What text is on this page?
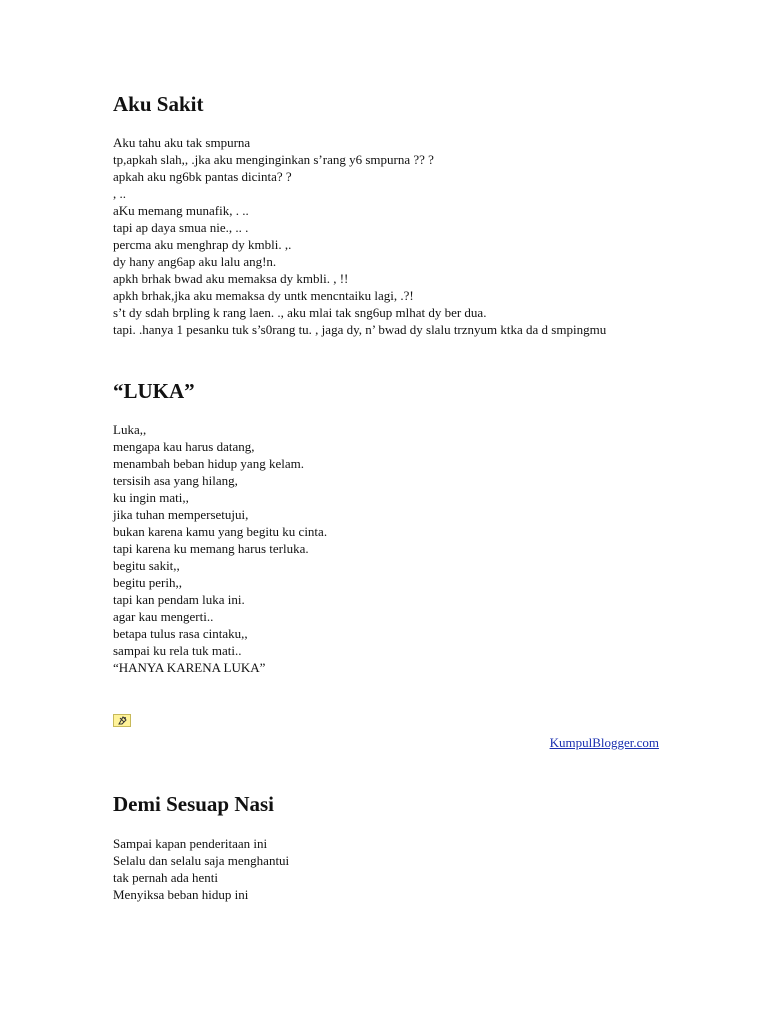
Aku Sakit
Aku tahu aku tak smpurna
tp,apkah slah,, .jka aku menginginkan s’rang y6 smpurna ?? ?
apkah aku ng6bk pantas dicinta? ?
, ..
aKu memang munafik, . ..
tapi ap daya smua nie., .. .
percma aku menghrap dy kmbli. ,.
dy hany ang6ap aku lalu ang!n.
apkh brhak bwad aku memaksa dy kmbli. , !!
apkh brhak,jka aku memaksa dy untk mencntaiku lagi, .?!
s’t dy sdah brpling k rang laen. ., aku mlai tak sng6up mlhat dy ber dua.
tapi. .hanya 1 pesanku tuk s’s0rang tu. , jaga dy, n’ bwad dy slalu trznyum ktka da d smpingmu
“LUKA”
Luka,,
mengapa kau harus datang,
menambah beban hidup yang kelam.
tersisih asa yang hilang,
ku ingin mati,,
jika tuhan mempersetujui,
bukan karena kamu yang begitu ku cinta.
tapi karena ku memang harus terluka.
begitu sakit,,
begitu perih,,
tapi kan pendam luka ini.
agar kau mengerti..
betapa tulus rasa cintaku,,
sampai ku rela tuk mati..
“HANYA KARENA LUKA”
KumpulBlogger.com
Demi Sesuap Nasi
Sampai kapan penderitaan ini
Selalu dan selalu saja menghantui
tak pernah ada henti
Menyiksa beban hidup ini
